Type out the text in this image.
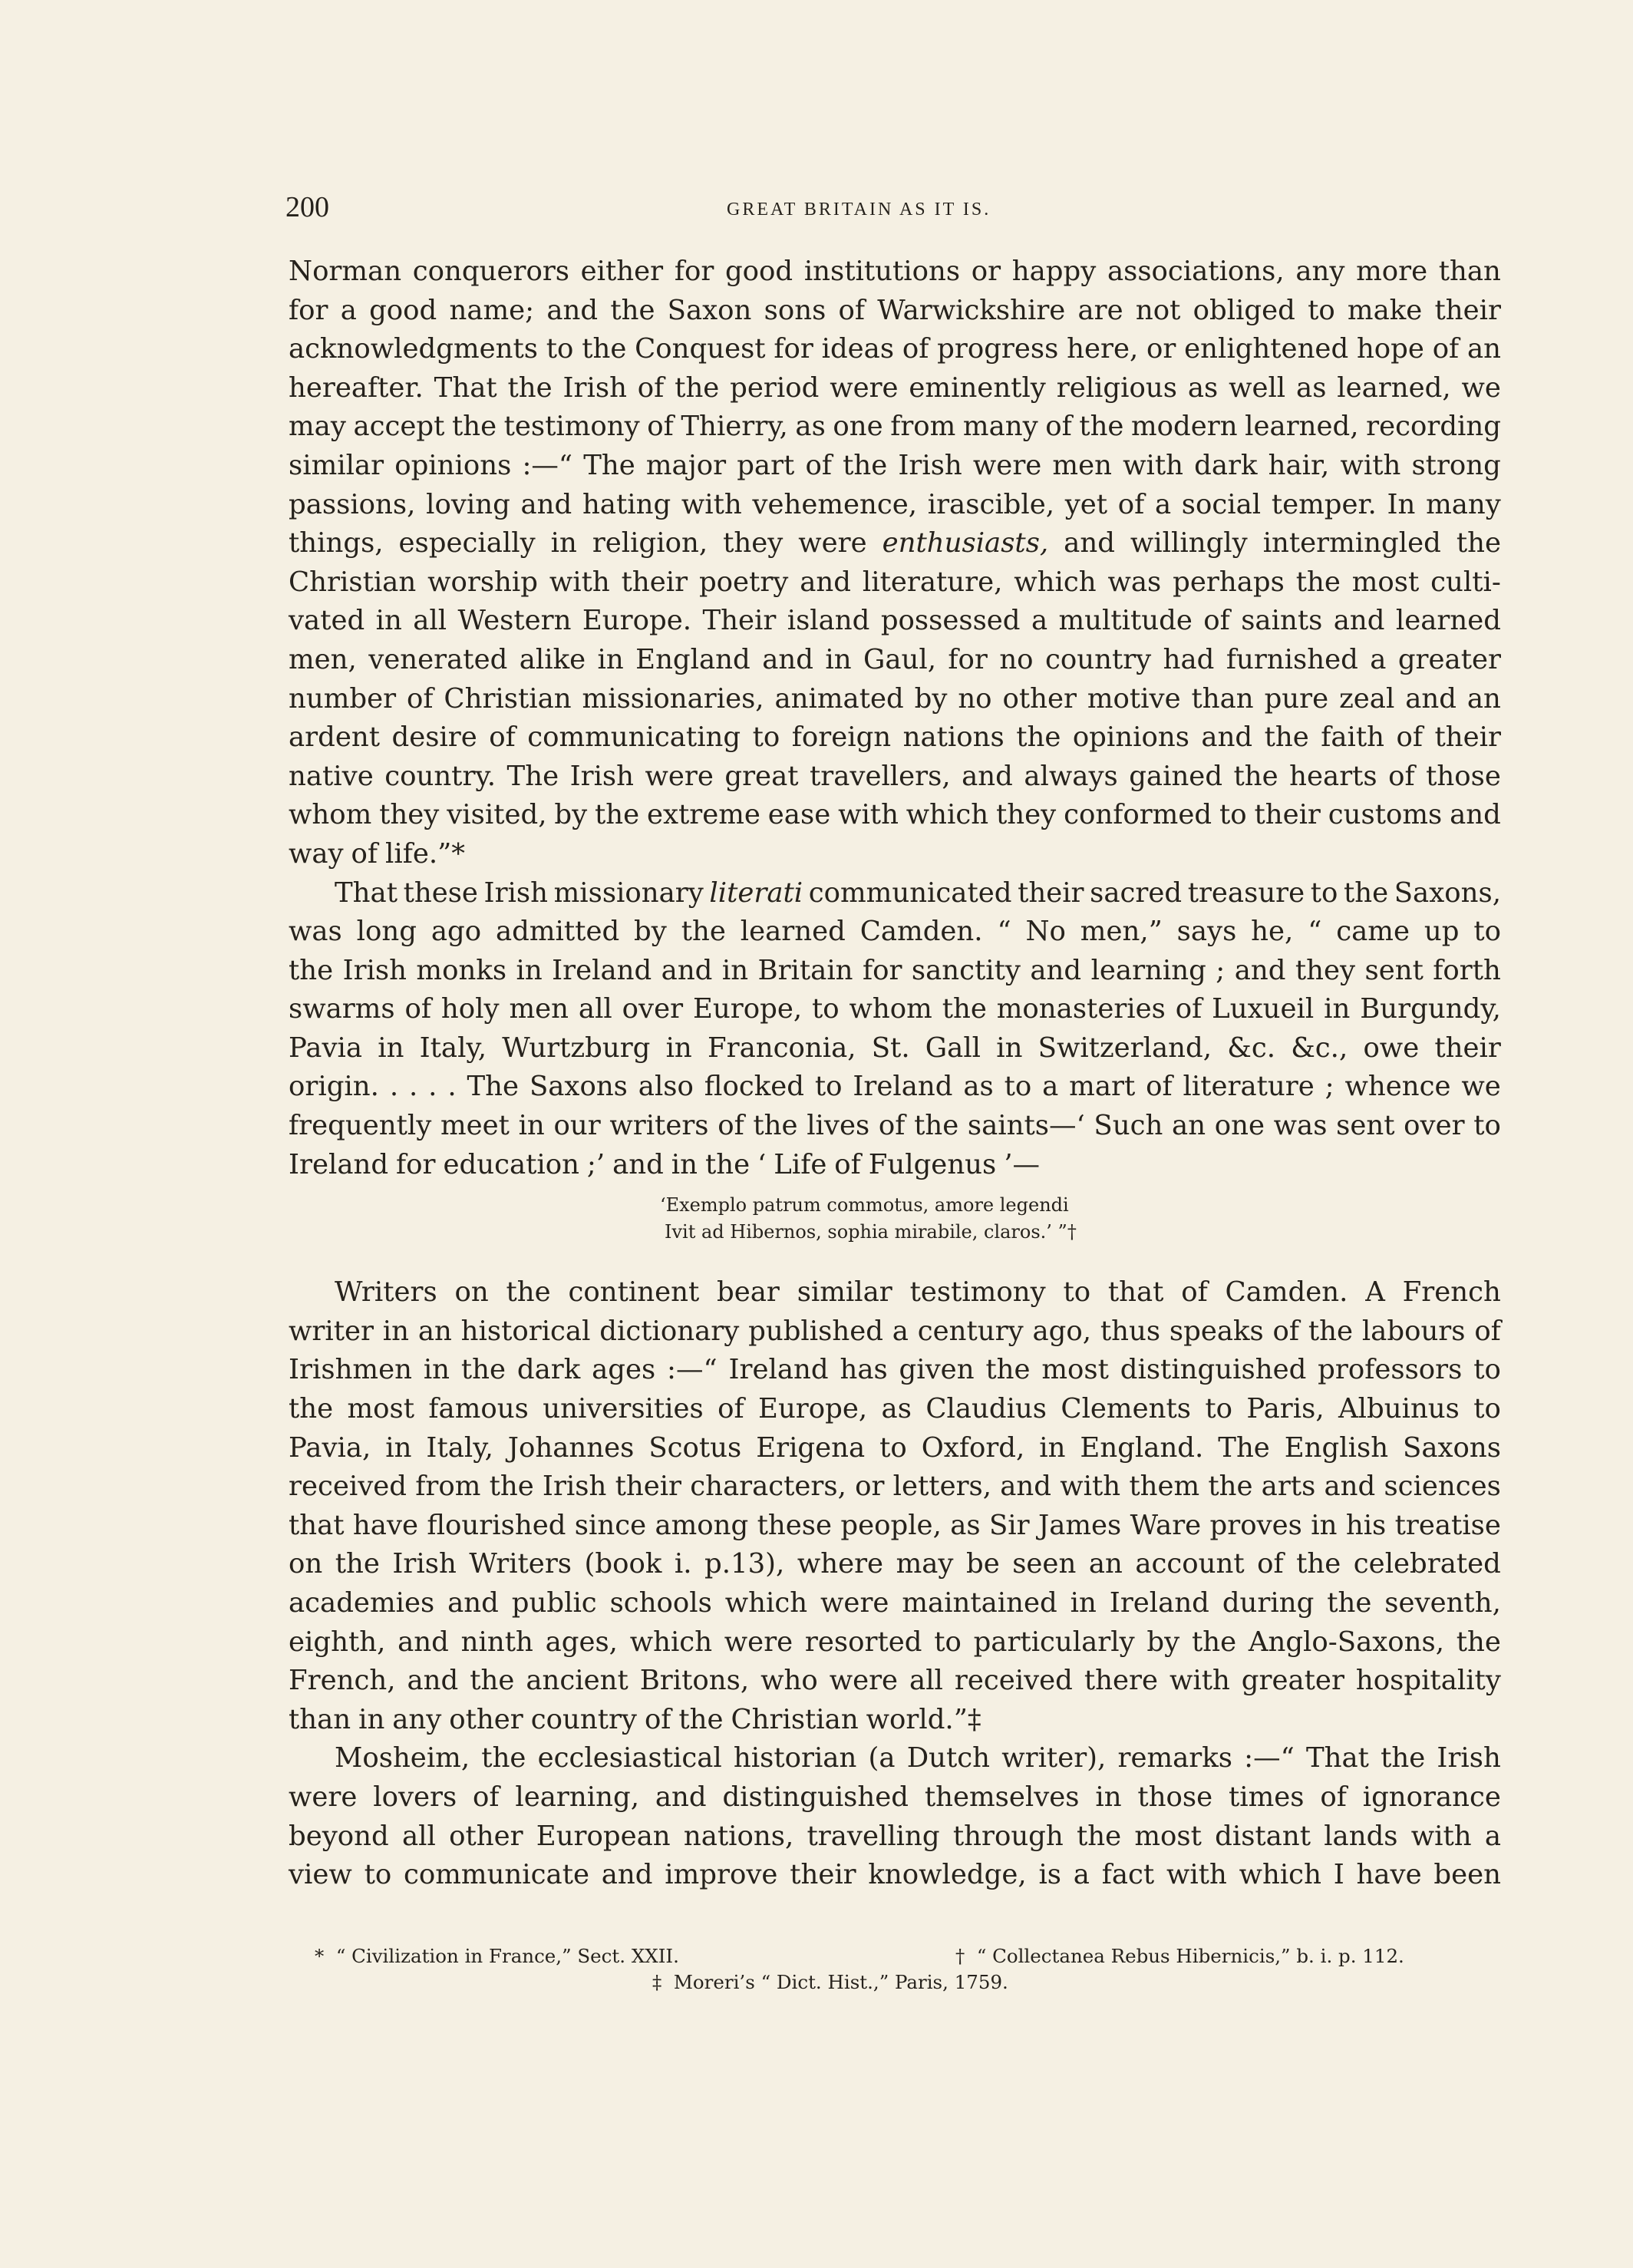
200	GREAT BRITAIN AS IT IS.
Norman conquerors either for good institutions or happy associations, any more than
for a good name; and the Saxon sons of Warwickshire are not obliged to make their
acknowledgments to the Conquest for ideas of progress here, or enlightened hope of an
hereafter. That the Irish of the period were eminently religious as well as learned, we
may accept the testimony of Thierry, as one from many of the modern learned, recording
similar opinions :—“ The major part of the Irish were men with dark hair, with strong
passions, loving and hating with vehemence, irascible, yet of a social temper. In many
things, especially in religion, they were enthusiasts, and willingly intermingled the
Christian worship with their poetry and literature, which was perhaps the most culti-
vated in all Western Europe. Their island possessed a multitude of saints and learned
men, venerated alike in England and in Gaul, for no country had furnished a greater
number of Christian missionaries, animated by no other motive than pure zeal and an
ardent desire of communicating to foreign nations the opinions and the faith of their
native country. The Irish were great travellers, and always gained the hearts of those
whom they visited, by the extreme ease with which they conformed to their customs and
way of life.”*
That these Irish missionary literati communicated their sacred treasure to the Saxons,
was long ago admitted by the learned Camden. “ No men,” says he, “ came up to
the Irish monks in Ireland and in Britain for sanctity and learning ; and they sent forth
swarms of holy men all over Europe, to whom the monasteries of Luxueil in Burgundy,
Pavia in Italy, Wurtzburg in Franconia, St. Gall in Switzerland, &c. &c., owe their
origin. . . . . The Saxons also flocked to Ireland as to a mart of literature ; whence we
frequently meet in our writers of the lives of the saints—‘ Such an one was sent over to
Ireland for education ;’ and in the ‘ Life of Fulgenus ’—
‘Exemplo patrum commotus, amore legendi
Ivit ad Hibernos, sophia mirabile, claros.’ ”†
Writers on the continent bear similar testimony to that of Camden. A French
writer in an historical dictionary published a century ago, thus speaks of the labours of
Irishmen in the dark ages :—“ Ireland has given the most distinguished professors to
the most famous universities of Europe, as Claudius Clements to Paris, Albuinus to
Pavia, in Italy, Johannes Scotus Erigena to Oxford, in England. The English Saxons
received from the Irish their characters, or letters, and with them the arts and sciences
that have flourished since among these people, as Sir James Ware proves in his treatise
on the Irish Writers (book i. p.13), where may be seen an account of the celebrated
academies and public schools which were maintained in Ireland during the seventh,
eighth, and ninth ages, which were resorted to particularly by the Anglo-Saxons, the
French, and the ancient Britons, who were all received there with greater hospitality
than in any other country of the Christian world.”‡
Mosheim, the ecclesiastical historian (a Dutch writer), remarks :—“ That the Irish
were lovers of learning, and distinguished themselves in those times of ignorance
beyond all other European nations, travelling through the most distant lands with a
view to communicate and improve their knowledge, is a fact with which I have been
*  “ Civilization in France,” Sect. XXII.	†  “ Collectanea Rebus Hibernicis,” b. i. p. 112.
‡  Moreri’s “ Dict. Hist.,” Paris, 1759.
